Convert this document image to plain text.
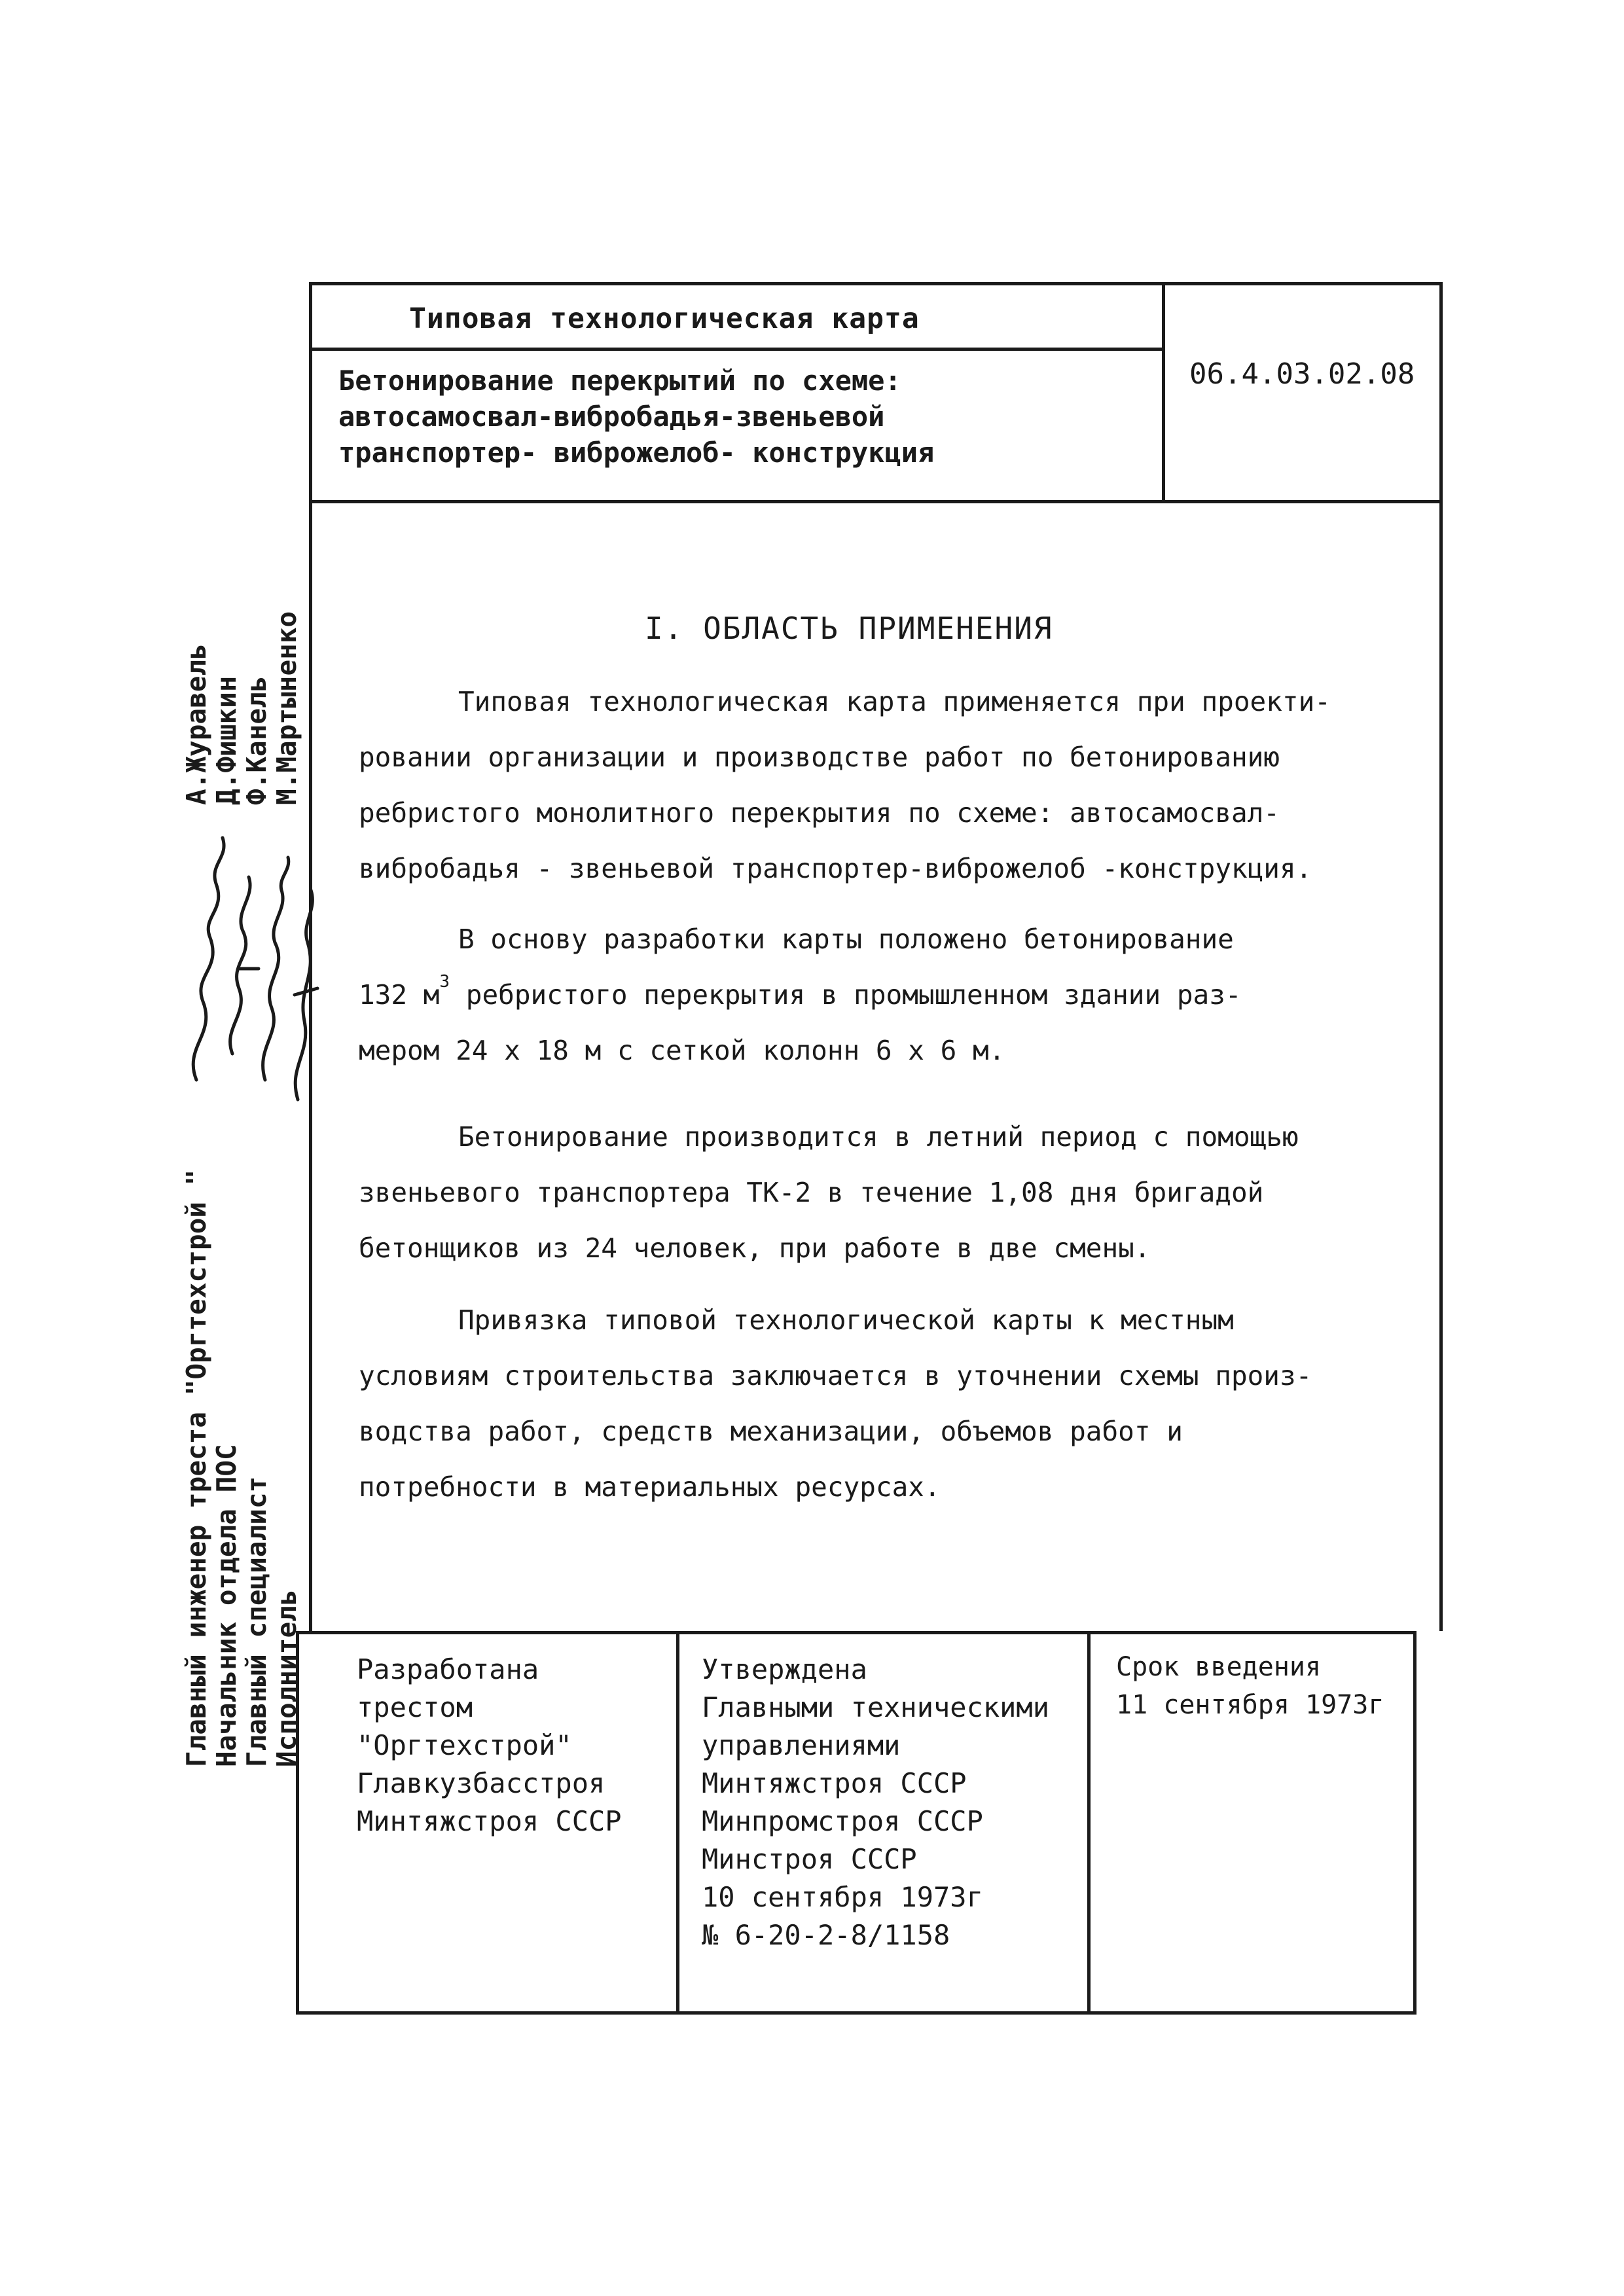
Типовая технологическая карта
Бетонирование перекрытий по схеме:
автосамосвал-вибробадья-звеньевой
транспортер- виброжелоб- конструкция
06.4.03.02.08
I. ОБЛАСТЬ ПРИМЕНЕНИЯ
Типовая технологическая карта применяется при проекти-
ровании организации и производстве работ по бетонированию
ребристого монолитного перекрытия по схеме: автосамосвал-
вибробадья - звеньевой транспортер-виброжелоб -конструкция.
В основу разработки карты положено бетонирование
132 $м^3$ ребристого перекрытия в промышленном здании раз-
мером 24 х 18 м с сеткой колонн 6 х 6 м.
Бетонирование производится в летний период с помощью
звеньевого транспортера ТК-2 в течение 1,08 дня бригадой
бетонщиков из 24 человек, при работе в две смены.
Привязка типовой технологической карты к местным
условиям строительства заключается в уточнении схемы произ-
водства работ, средств механизации, объемов работ и
потребности в материальных ресурсах.
Разработана
трестом
"Оргтехстрой"
Главкузбасстроя
Минтяжстроя СССР
Утверждена
Главными техническими
управлениями
Минтяжстроя СССР
Минпромстроя СССР
Минстроя СССР
10 сентября 1973г
№ 6-20-2-8/1158
Срок введения
11 сентября 1973г
Главный инженер треста "Оргтехстрой "
Начальник отдела ПОС
Главный специалист
Исполнитель
А.Журавель
Д.Фишкин
Ф.Канель
М.Мартыненко
